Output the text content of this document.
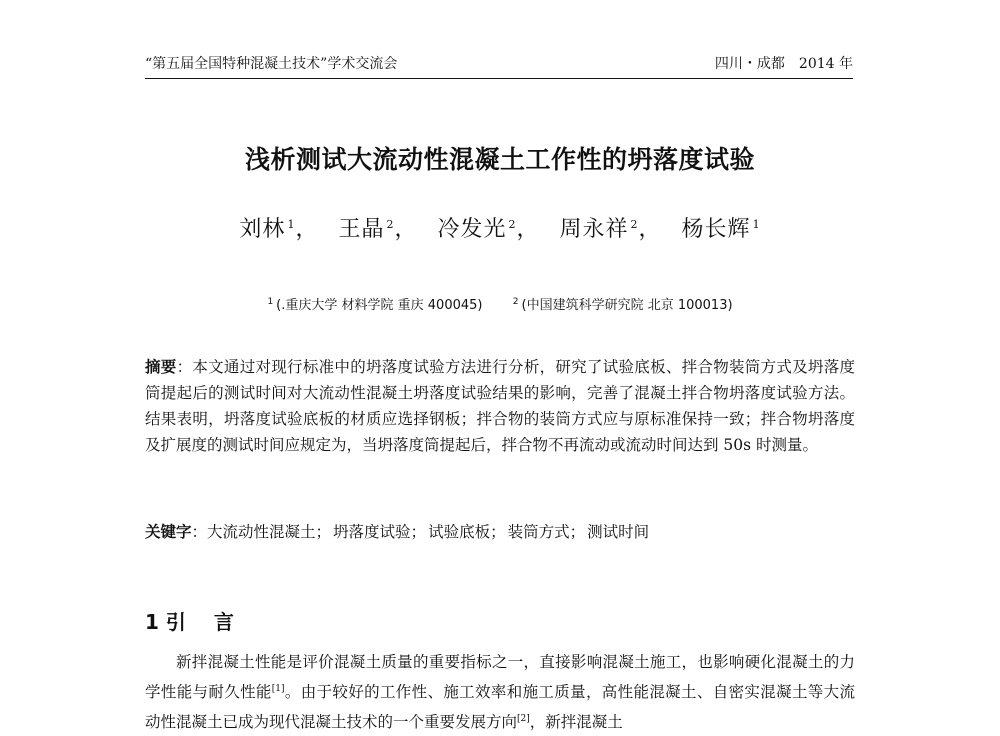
“第五届全国特种混凝土技术”学术交流会	四川・成都　2014 年
浅析测试大流动性混凝土工作性的坍落度试验
刘林 $^1$， 王晶 $^2$， 冷发光 $^2$， 周永祥 $^2$， 杨长辉 $^1$
$^1$ (.重庆大学 材料学院 重庆 400045)	$^2$ (中国建筑科学研究院 北京 100013)
摘要：本文通过对现行标准中的坍落度试验方法进行分析，研究了试验底板、拌合物装筒方式及坍落度筒提起后的测试时间对大流动性混凝土坍落度试验结果的影响，完善了混凝土拌合物坍落度试验方法。结果表明，坍落度试验底板的材质应选择钢板；拌合物的装筒方式应与原标准保持一致；拌合物坍落度及扩展度的测试时间应规定为，当坍落度筒提起后，拌合物不再流动或流动时间达到 50s 时测量。
关键字：大流动性混凝土； 坍落度试验； 试验底板； 装筒方式； 测试时间
1 引 言
新拌混凝土性能是评价混凝土质量的重要指标之一，直接影响混凝土施工，也影响硬化混凝土的力学性能与耐久性能[1]。由于较好的工作性、施工效率和施工质量，高性能混凝土、自密实混凝土等大流动性混凝土已成为现代混凝土技术的一个重要发展方向[2]，新拌混凝土
